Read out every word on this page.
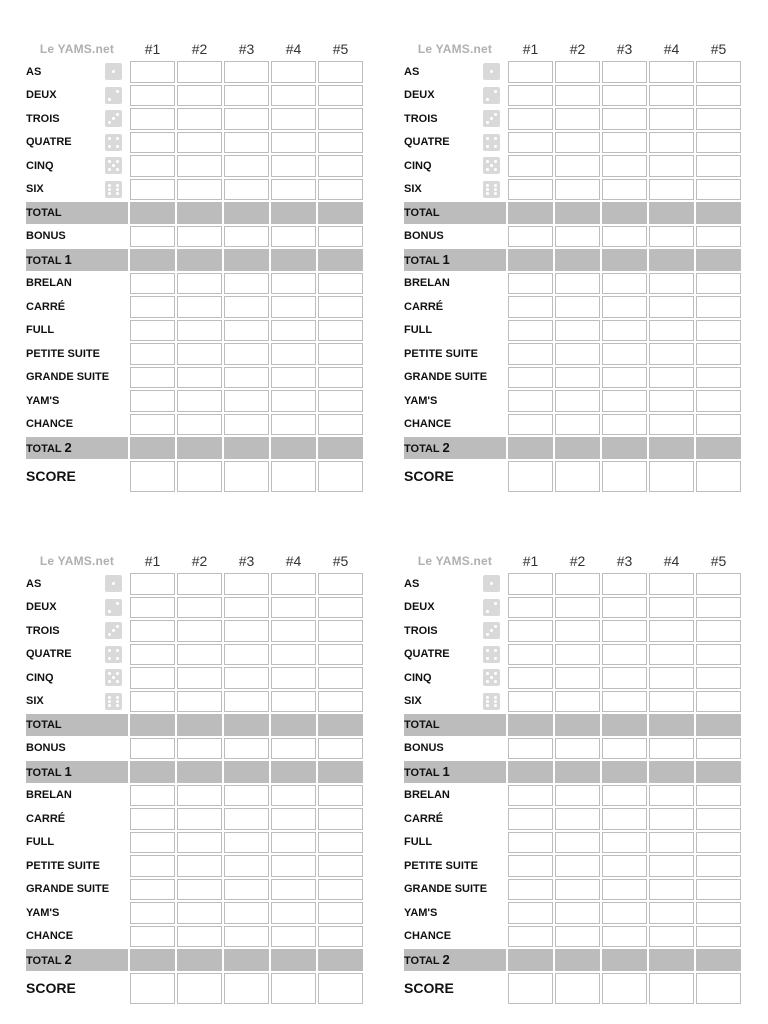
Le YAMS.net		#1	#2	#3	#4	#5
AS	

DEUX	

TROIS	

QUATRE	

CINQ	

SIX	

TOTAL						
BONUS						
TOTAL 1						
BRELAN						
CARRÉ						
FULL						
PETITE SUITE						
GRANDE SUITE						
YAM'S						
CHANCE						
TOTAL 2						
SCORE						
Le YAMS.net		#1	#2	#3	#4	#5
AS	

DEUX	

TROIS	

QUATRE	

CINQ	

SIX	

TOTAL						
BONUS						
TOTAL 1						
BRELAN						
CARRÉ						
FULL						
PETITE SUITE						
GRANDE SUITE						
YAM'S						
CHANCE						
TOTAL 2						
SCORE						
Le YAMS.net		#1	#2	#3	#4	#5
AS	

DEUX	

TROIS	

QUATRE	

CINQ	

SIX	

TOTAL						
BONUS						
TOTAL 1						
BRELAN						
CARRÉ						
FULL						
PETITE SUITE						
GRANDE SUITE						
YAM'S						
CHANCE						
TOTAL 2						
SCORE						
Le YAMS.net		#1	#2	#3	#4	#5
AS	

DEUX	

TROIS	

QUATRE	

CINQ	

SIX	

TOTAL						
BONUS						
TOTAL 1						
BRELAN						
CARRÉ						
FULL						
PETITE SUITE						
GRANDE SUITE						
YAM'S						
CHANCE						
TOTAL 2						
SCORE						
